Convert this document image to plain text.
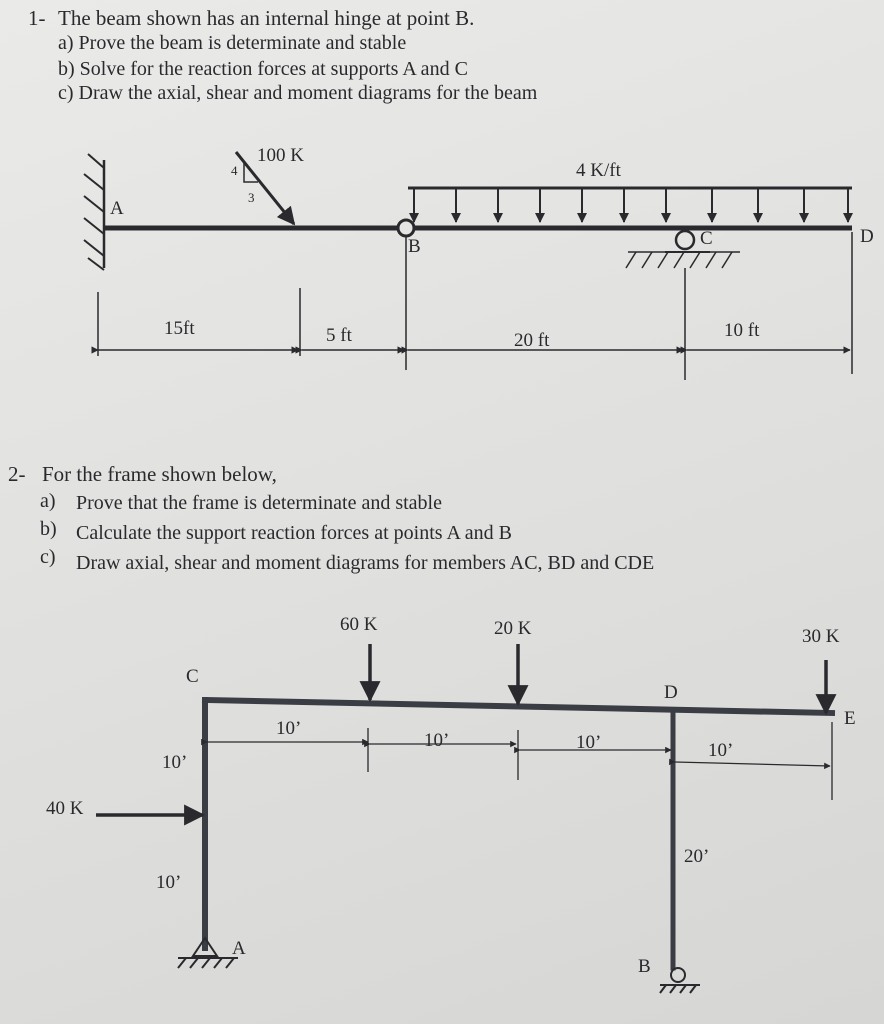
1- The beam shown has an internal hinge at point B.
a) Prove the beam is determinate and stable
b) Solve for the reaction forces at supports A and C
c) Draw the axial, shear and moment diagrams for the beam
100 K
4
3
4 K/ft
A
B	C	D
15ft	5 ft	20 ft	10 ft
2- For the frame shown below,
a) Prove that the frame is determinate and stable
b) Calculate the support reaction forces at points A and B
c) Draw axial, shear and moment diagrams for members AC, BD and CDE
60 K	20 K	30 K
40 K
C
D
E
A
B
10’
10’	10’	10’
10’
10’
20’
